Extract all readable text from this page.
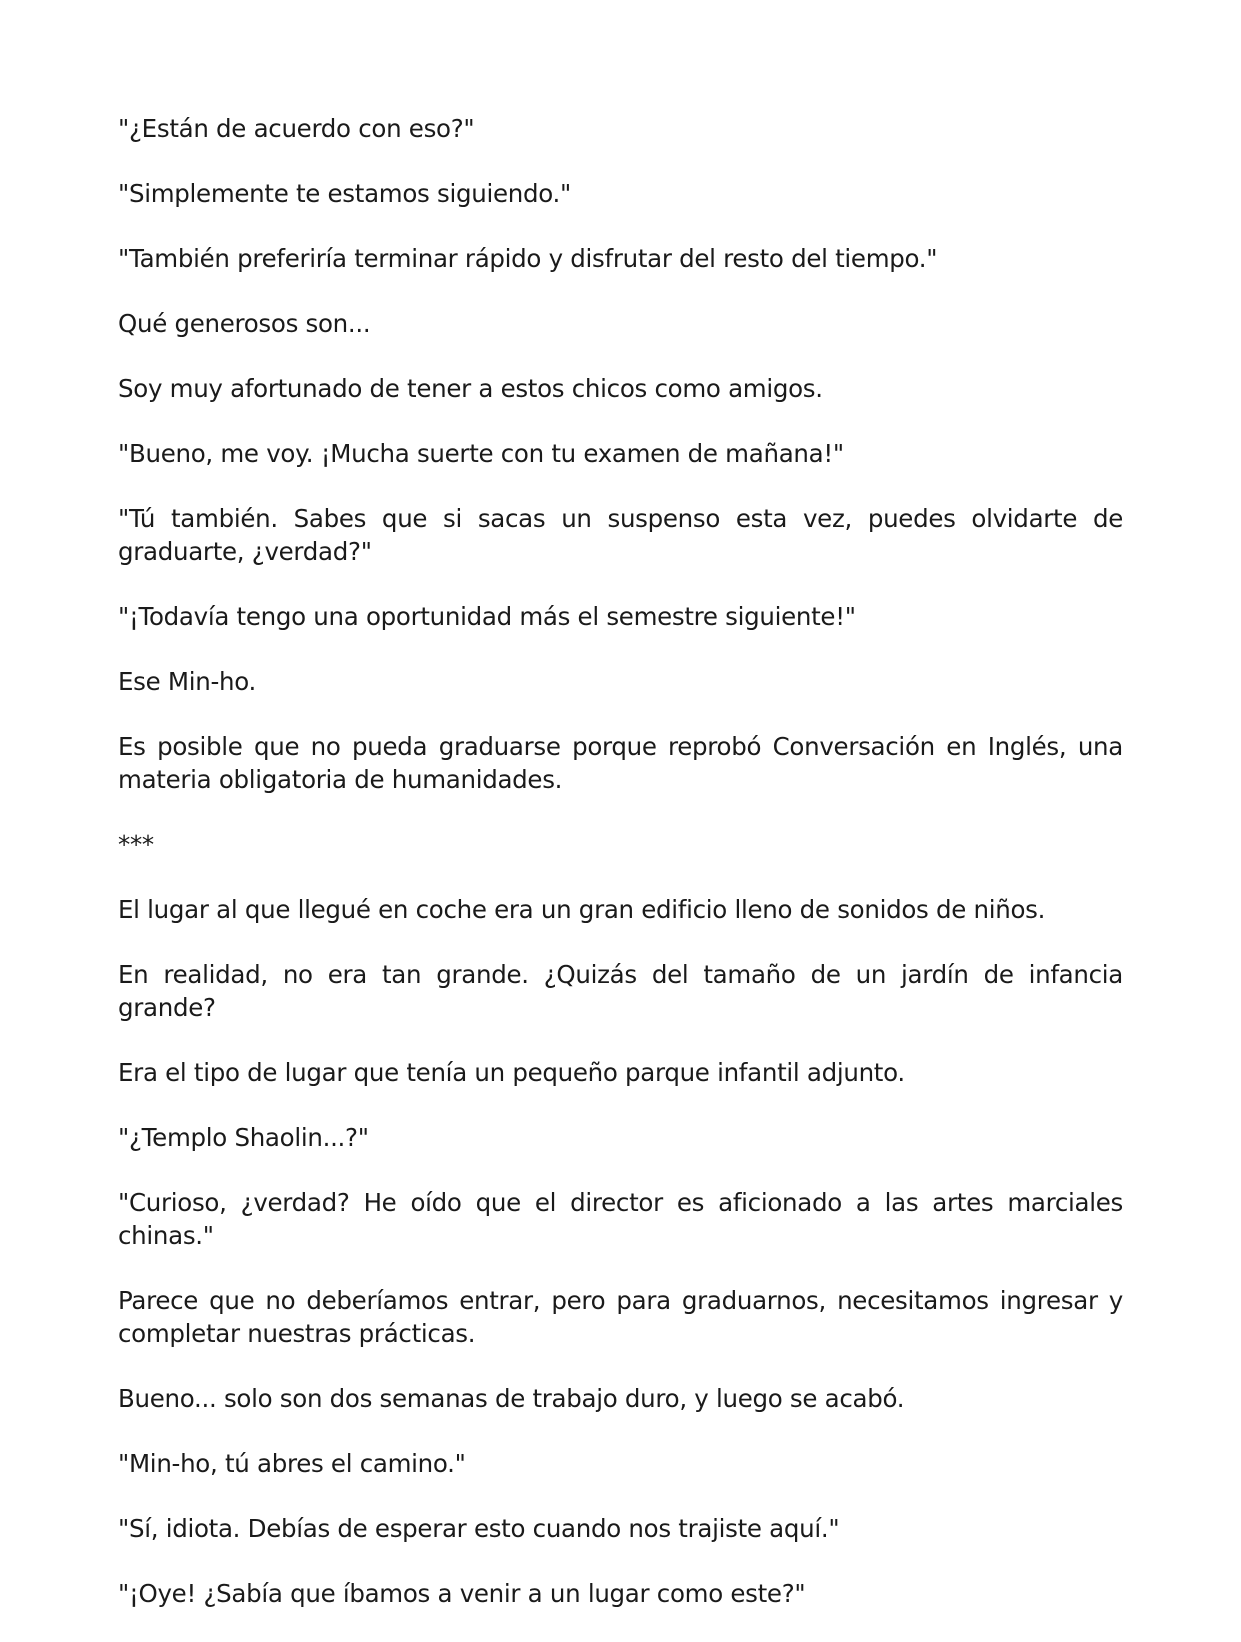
"¿Están de acuerdo con eso?"

"Simplemente te estamos siguiendo."

"También preferiría terminar rápido y disfrutar del resto del tiempo."

Qué generosos son...

Soy muy afortunado de tener a estos chicos como amigos.

"Bueno, me voy. ¡Mucha suerte con tu examen de mañana!"

"Tú también. Sabes que si sacas un suspenso esta vez, puedes olvidarte de graduarte, ¿verdad?"

"¡Todavía tengo una oportunidad más el semestre siguiente!"

Ese Min-ho.

Es posible que no pueda graduarse porque reprobó Conversación en Inglés, una materia obligatoria de humanidades.

***

El lugar al que llegué en coche era un gran edificio lleno de sonidos de niños.

En realidad, no era tan grande. ¿Quizás del tamaño de un jardín de infancia grande?

Era el tipo de lugar que tenía un pequeño parque infantil adjunto.

"¿Templo Shaolin...?"

"Curioso, ¿verdad? He oído que el director es aficionado a las artes marciales chinas."

Parece que no deberíamos entrar, pero para graduarnos, necesitamos ingresar y completar nuestras prácticas.

Bueno... solo son dos semanas de trabajo duro, y luego se acabó.

"Min-ho, tú abres el camino."

"Sí, idiota. Debías de esperar esto cuando nos trajiste aquí."

"¡Oye! ¿Sabía que íbamos a venir a un lugar como este?"
